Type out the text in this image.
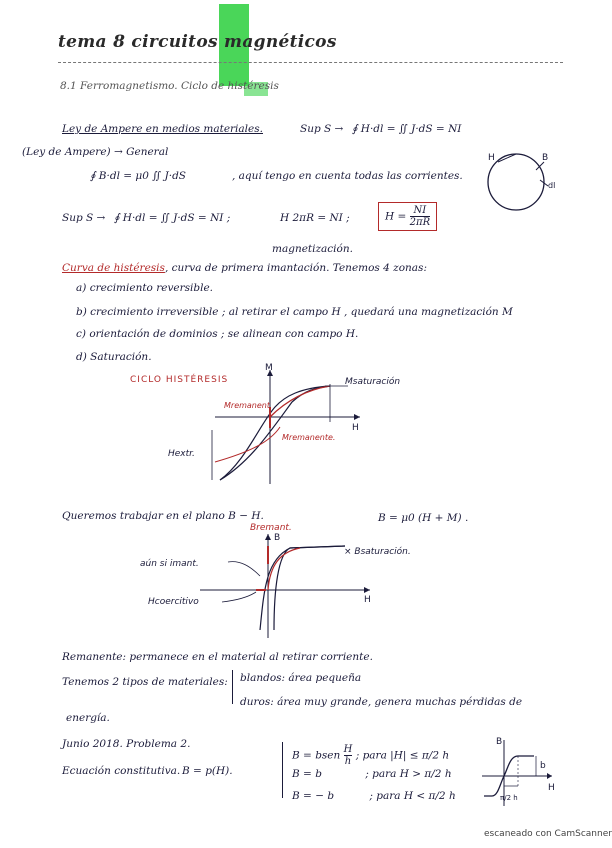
tema 8 circuitos magnéticos
8.1 Ferromagnetismo. Ciclo de histéresis
Ley de Ampere en medios materiales.	Sup S → ∮ H·dl = ∬ J·dS = NI
(Ley de Ampere) → General
∮ B·dl = μ0 ∬ J·dS	, aquí tengo en cuenta todas las corrientes.
Sup S → ∮ H·dl = ∬ J·dS = NI ;	H 2πR = NI ;	$H = \frac{NI}{2\pi R}$
H	B
dl
magnetización.
Curva de histéresis, curva de primera imantación. Tenemos 4 zonas:
a) crecimiento reversible.
b) crecimiento irreversible ; al retirar el campo H , quedará una magnetización M
c) orientación de dominios ; se alinean con campo H.
d) Saturación.
CICLO HISTÉRESIS
M
H
Msaturación
Mremanent
Mremanente.
Hextr.
Queremos trabajar en el plano B − H.	B = μ0 (H + M) .
Bremant.
B
H
× Bsaturación.
aún si imant.
Hcoercitivo
Remanente: permanece en el material al retirar corriente.
Tenemos 2 tipos de materiales: blandos: área pequeña
duros: área muy grande, genera muchas pérdidas de
energía.
Junio 2018. Problema 2.
Ecuación constitutiva. B = p(H).
B = bsen $\frac{H}{h}$ ; para |H| ≤ π/2 h
B = b	; para H > π/2 h
B = − b	; para H < π/2 h
B
H
b
π/2 h
escaneado con CamScanner
